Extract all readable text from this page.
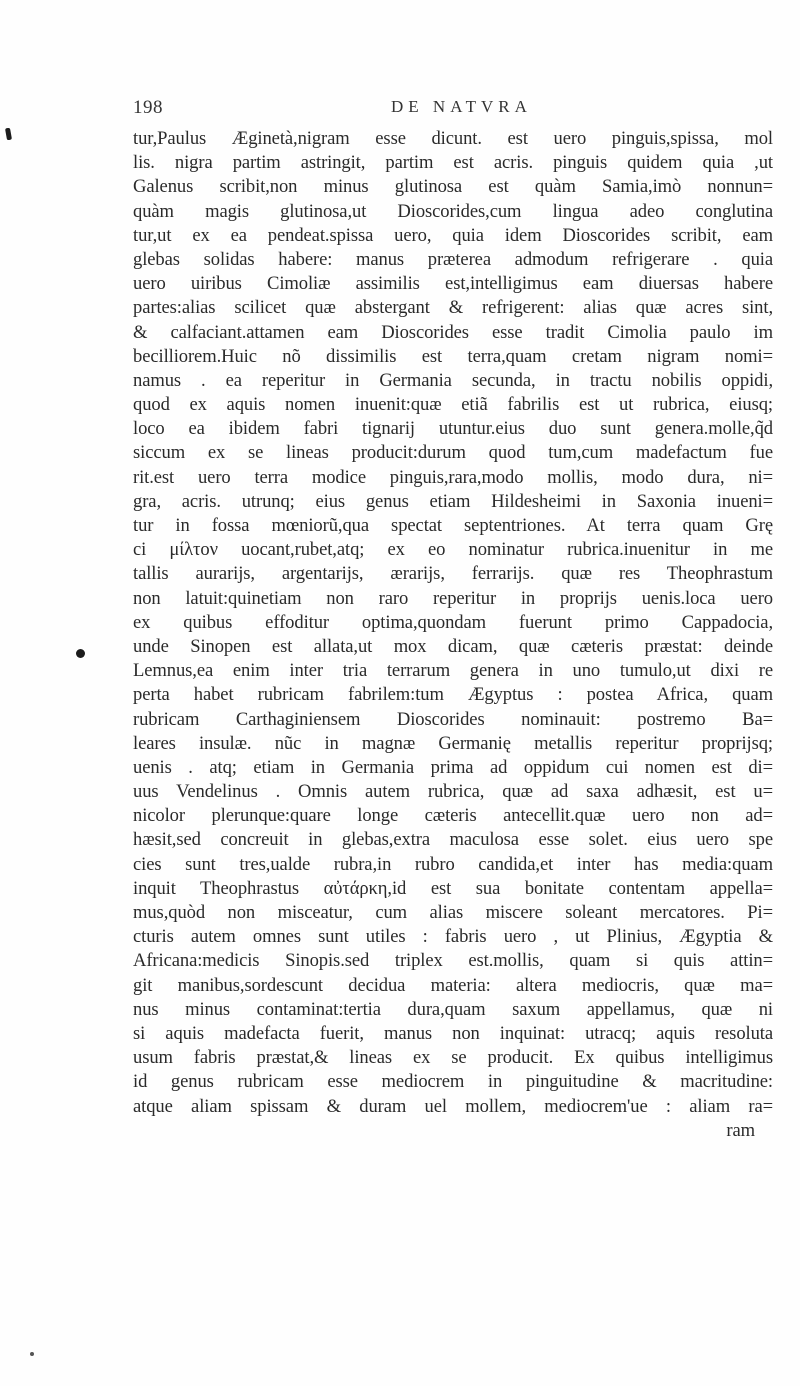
198	DE NATVRA
tur,Paulus Æginetà,nigram esse dicunt. est uero pinguis,spissa, mol
lis. nigra partim astringit, partim est acris. pinguis quidem quia ,ut
Galenus scribit,non minus glutinosa est quàm Samia,imò nonnun=
quàm magis glutinosa,ut Dioscorides,cum lingua adeo conglutina
tur,ut ex ea pendeat.spissa uero, quia idem Dioscorides scribit, eam
glebas solidas habere: manus præterea admodum refrigerare . quia
uero uiribus Cimoliæ assimilis est,intelligimus eam diuersas habere
partes:alias scilicet quæ abstergant & refrigerent: alias quæ acres sint,
& calfaciant.attamen eam Dioscorides esse tradit Cimolia paulo im
becilliorem.Huic nõ dissimilis est terra,quam cretam nigram nomi=
namus . ea reperitur in Germania secunda, in tractu nobilis oppidi,
quod ex aquis nomen inuenit:quæ etiã fabrilis est ut rubrica, eiusq;
loco ea ibidem fabri tignarij utuntur.eius duo sunt genera.molle,q̃d
siccum ex se lineas producit:durum quod tum,cum madefactum fue
rit.est uero terra modice pinguis,rara,modo mollis, modo dura, ni=
gra, acris. utrunq; eius genus etiam Hildesheimi in Saxonia inueni=
tur in fossa mœniorũ,qua spectat septentriones. At terra quam Grę
ci μίλτον uocant,rubet,atq; ex eo nominatur rubrica.inuenitur in me
tallis aurarijs, argentarijs, ærarijs, ferrarijs. quæ res Theophrastum
non latuit:quinetiam non raro reperitur in proprijs uenis.loca uero
ex quibus effoditur optima,quondam fuerunt primo Cappadocia,
unde Sinopen est allata,ut mox dicam, quæ cæteris præstat: deinde
Lemnus,ea enim inter tria terrarum genera in uno tumulo,ut dixi re
perta habet rubricam fabrilem:tum Ægyptus : postea Africa, quam
rubricam Carthaginiensem Dioscorides nominauit: postremo Ba=
leares insulæ. nũc in magnæ Germanię metallis reperitur proprijsq;
uenis . atq; etiam in Germania prima ad oppidum cui nomen est di=
uus Vendelinus . Omnis autem rubrica, quæ ad saxa adhæsit, est u=
nicolor plerunque:quare longe cæteris antecellit.quæ uero non ad=
hæsit,sed concreuit in glebas,extra maculosa esse solet. eius uero spe
cies sunt tres,ualde rubra,in rubro candida,et inter has media:quam
inquit Theophrastus αὐτάρκη,id est sua bonitate contentam appella=
mus,quòd non misceatur, cum alias miscere soleant mercatores. Pi=
cturis autem omnes sunt utiles : fabris uero , ut Plinius, Ægyptia &
Africana:medicis Sinopis.sed triplex est.mollis, quam si quis attin=
git manibus,sordescunt decidua materia: altera mediocris, quæ ma=
nus minus contaminat:tertia dura,quam saxum appellamus, quæ ni
si aquis madefacta fuerit, manus non inquinat: utracq; aquis resoluta
usum fabris præstat,& lineas ex se producit. Ex quibus intelligimus
id genus rubricam esse mediocrem in pinguitudine & macritudine:
atque aliam spissam & duram uel mollem, mediocrem'ue : aliam ra=
ram
